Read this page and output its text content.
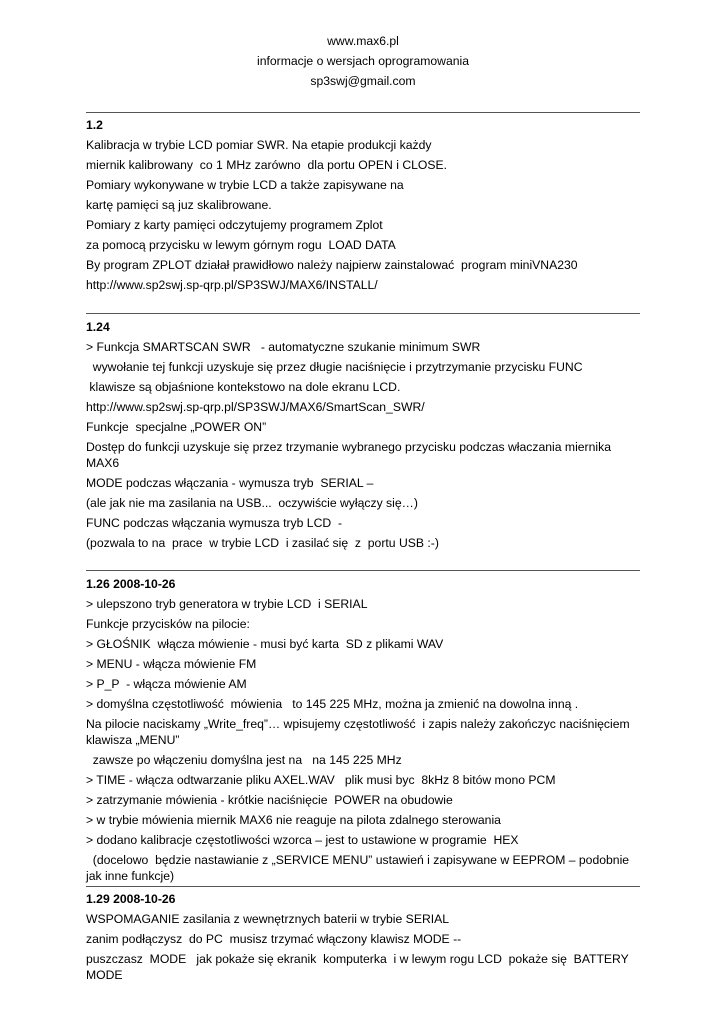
www.max6.pl
informacje o wersjach oprogramowania
sp3swj@gmail.com
1.2
Kalibracja w trybie LCD pomiar SWR. Na etapie produkcji każdy
miernik kalibrowany  co 1 MHz zarówno  dla portu OPEN i CLOSE.
Pomiary wykonywane w trybie LCD a także zapisywane na
kartę pamięci są juz skalibrowane.
Pomiary z karty pamięci odczytujemy programem Zplot
za pomocą przycisku w lewym górnym rogu  LOAD DATA
By program ZPLOT działał prawidłowo należy najpierw zainstalować  program miniVNA230
http://www.sp2swj.sp-qrp.pl/SP3SWJ/MAX6/INSTALL/
1.24
> Funkcja SMARTSCAN SWR   - automatyczne szukanie minimum SWR
wywołanie tej funkcji uzyskuje się przez długie naciśnięcie i przytrzymanie przycisku FUNC
klawisze są objaśnione kontekstowo na dole ekranu LCD.
http://www.sp2swj.sp-qrp.pl/SP3SWJ/MAX6/SmartScan_SWR/
Funkcje  specjalne „POWER ON”
Dostęp do funkcji uzyskuje się przez trzymanie wybranego przycisku podczas właczania miernika MAX6
MODE podczas włączania - wymusza tryb  SERIAL –
(ale jak nie ma zasilania na USB...  oczywiście wyłączy się…)
FUNC podczas włączania wymusza tryb LCD  -
(pozwala to na  prace  w trybie LCD  i zasilać się  z  portu USB :-)
1.26 2008-10-26
> ulepszono tryb generatora w trybie LCD  i SERIAL
Funkcje przycisków na pilocie:
> GŁOŚNIK  włącza mówienie - musi być karta  SD z plikami WAV
> MENU - włącza mówienie FM
> P_P  - włącza mówienie AM
> domyślna częstotliwość  mówienia   to 145 225 MHz, można ja zmienić na dowolna inną .
Na pilocie naciskamy „Write_freq”… wpisujemy częstotliwość  i zapis należy zakończyc naciśnięciem klawisza „MENU”
zawsze po włączeniu domyślna jest na   na 145 225 MHz
> TIME - włącza odtwarzanie pliku AXEL.WAV   plik musi byc  8kHz 8 bitów mono PCM
> zatrzymanie mówienia - krótkie naciśnięcie  POWER na obudowie
> w trybie mówienia miernik MAX6 nie reaguje na pilota zdalnego sterowania
> dodano kalibracje częstotliwości wzorca – jest to ustawione w programie  HEX
(docelowo  będzie nastawianie z „SERVICE MENU” ustawień i zapisywane w EEPROM – podobnie jak inne funkcje)
1.29 2008-10-26
WSPOMAGANIE zasilania z wewnętrznych baterii w trybie SERIAL
zanim podłączysz  do PC  musisz trzymać włączony klawisz MODE --
puszczasz  MODE   jak pokaże się ekranik  komputerka  i w lewym rogu LCD  pokaże się  BATTERY MODE
